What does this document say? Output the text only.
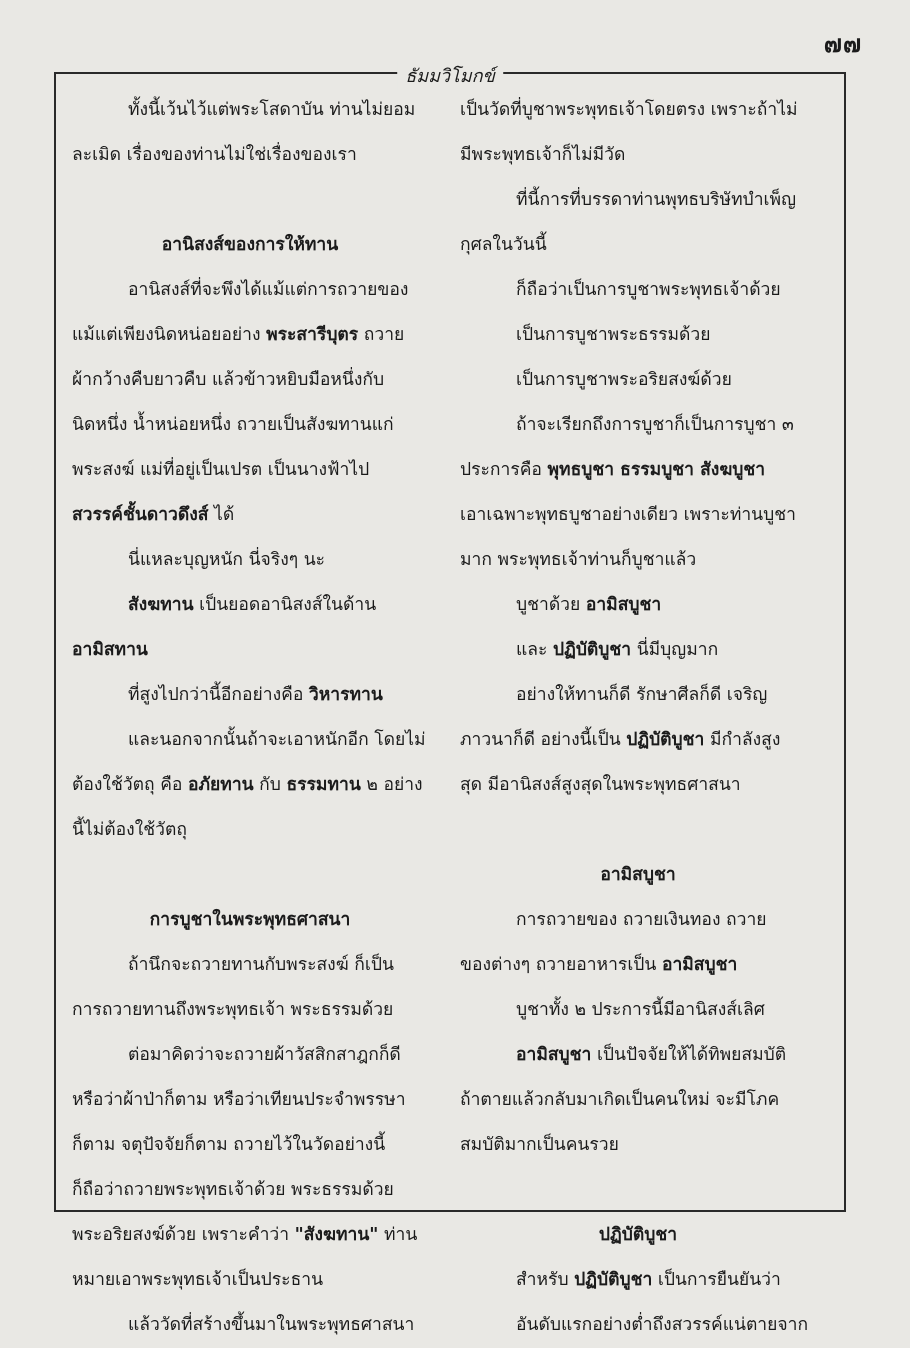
๗๗
ธัมมวิโมกข์
ทั้งนี้เว้นไว้แต่พระโสดาบัน ท่านไม่ยอม
ละเมิด เรื่องของท่านไม่ใช่เรื่องของเรา
อานิสงส์ของการให้ทาน
อานิสงส์ที่จะพึงได้แม้แต่การถวายของ
แม้แต่เพียงนิดหน่อยอย่าง พระสารีบุตร ถวาย
ผ้ากว้างคืบยาวคืบ แล้วข้าวหยิบมือหนึ่งกับ
นิดหนึ่ง น้ำหน่อยหนึ่ง ถวายเป็นสังฆทานแก่
พระสงฆ์ แม่ที่อยู่เป็นเปรต เป็นนางฟ้าไป
สวรรค์ชั้นดาวดึงส์ ได้
นี่แหละบุญหนัก นี่จริงๆ นะ
สังฆทาน เป็นยอดอานิสงส์ในด้าน
อามิสทาน
ที่สูงไปกว่านี้อีกอย่างคือ วิหารทาน
และนอกจากนั้นถ้าจะเอาหนักอีก โดยไม่
ต้องใช้วัตถุ คือ อภัยทาน กับ ธรรมทาน ๒ อย่าง
นี้ไม่ต้องใช้วัตถุ
การบูชาในพระพุทธศาสนา
ถ้านึกจะถวายทานกับพระสงฆ์ ก็เป็น
การถวายทานถึงพระพุทธเจ้า พระธรรมด้วย
ต่อมาคิดว่าจะถวายผ้าวัสสิกสาฎกก็ดี
หรือว่าผ้าป่าก็ตาม หรือว่าเทียนประจำพรรษา
ก็ตาม จตุปัจจัยก็ตาม ถวายไว้ในวัดอย่างนี้
ก็ถือว่าถวายพระพุทธเจ้าด้วย พระธรรมด้วย
พระอริยสงฆ์ด้วย เพราะคำว่า "สังฆทาน" ท่าน
หมายเอาพระพุทธเจ้าเป็นประธาน
แล้ววัดที่สร้างขึ้นมาในพระพุทธศาสนา
เป็นวัดที่บูชาพระพุทธเจ้าโดยตรง เพราะถ้าไม่
มีพระพุทธเจ้าก็ไม่มีวัด
ที่นี้การที่บรรดาท่านพุทธบริษัทบำเพ็ญ
กุศลในวันนี้
ก็ถือว่าเป็นการบูชาพระพุทธเจ้าด้วย
เป็นการบูชาพระธรรมด้วย
เป็นการบูชาพระอริยสงฆ์ด้วย
ถ้าจะเรียกถึงการบูชาก็เป็นการบูชา ๓
ประการคือ พุทธบูชา ธรรมบูชา สังฆบูชา
เอาเฉพาะพุทธบูชาอย่างเดียว เพราะท่านบูชา
มาก พระพุทธเจ้าท่านก็บูชาแล้ว
บูชาด้วย อามิสบูชา
และ ปฏิบัติบูชา นี่มีบุญมาก
อย่างให้ทานก็ดี รักษาศีลก็ดี เจริญ
ภาวนาก็ดี อย่างนี้เป็น ปฏิบัติบูชา มีกำลังสูง
สุด มีอานิสงส์สูงสุดในพระพุทธศาสนา
อามิสบูชา
การถวายของ ถวายเงินทอง ถวาย
ของต่างๆ ถวายอาหารเป็น อามิสบูชา
บูชาทั้ง ๒ ประการนี้มีอานิสงส์เลิศ
อามิสบูชา เป็นปัจจัยให้ได้ทิพยสมบัติ
ถ้าตายแล้วกลับมาเกิดเป็นคนใหม่ จะมีโภค
สมบัติมากเป็นคนรวย
ปฏิบัติบูชา
สำหรับ ปฏิบัติบูชา เป็นการยืนยันว่า
อันดับแรกอย่างต่ำถึงสวรรค์แน่ตายจาก
